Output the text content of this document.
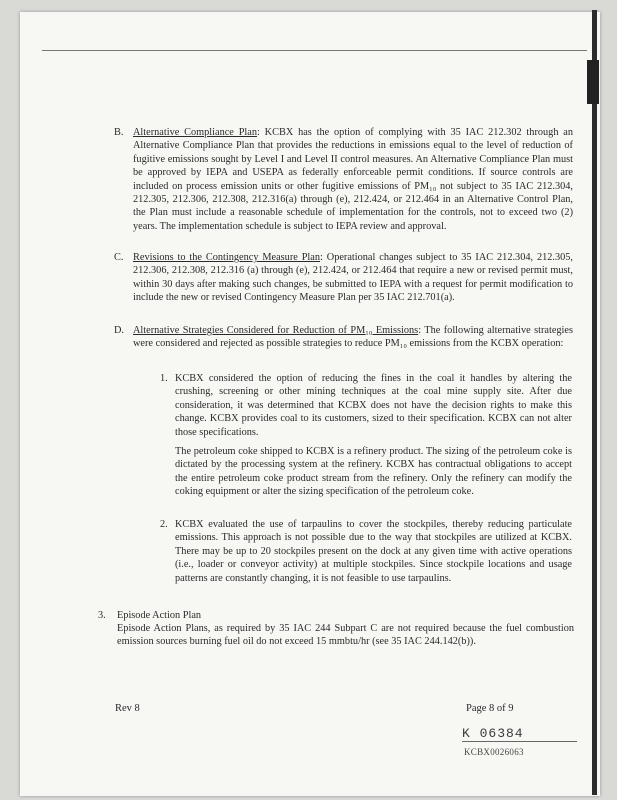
B. Alternative Compliance Plan: KCBX has the option of complying with 35 IAC 212.302 through an Alternative Compliance Plan that provides the reductions in emissions equal to the level of reduction of fugitive emissions sought by Level I and Level II control measures. An Alternative Compliance Plan must be approved by IEPA and USEPA as federally enforceable permit conditions. If source controls are included on process emission units or other fugitive emissions of PM₁₀ not subject to 35 IAC 212.304, 212.305, 212.306, 212.308, 212.316(a) through (e), 212.424, or 212.464 in an Alternative Control Plan, the Plan must include a reasonable schedule of implementation for the controls, not to exceed two (2) years. The implementation schedule is subject to IEPA review and approval.
C. Revisions to the Contingency Measure Plan: Operational changes subject to 35 IAC 212.304, 212.305, 212.306, 212.308, 212.316 (a) through (e), 212.424, or 212.464 that require a new or revised permit must, within 30 days after making such changes, be submitted to IEPA with a request for permit modification to include the new or revised Contingency Measure Plan per 35 IAC 212.701(a).
D. Alternative Strategies Considered for Reduction of PM₁₀ Emissions: The following alternative strategies were considered and rejected as possible strategies to reduce PM₁₀ emissions from the KCBX operation:
1. KCBX considered the option of reducing the fines in the coal it handles by altering the crushing, screening or other mining techniques at the coal mine supply site. After due consideration, it was determined that KCBX does not have the decision rights to make this change. KCBX provides coal to its customers, sized to their specification. KCBX can not alter those specifications.
The petroleum coke shipped to KCBX is a refinery product. The sizing of the petroleum coke is dictated by the processing system at the refinery. KCBX has contractual obligations to accept the entire petroleum coke product stream from the refinery. Only the refinery can modify the coking equipment or alter the sizing specification of the petroleum coke.
2. KCBX evaluated the use of tarpaulins to cover the stockpiles, thereby reducing particulate emissions. This approach is not possible due to the way that stockpiles are utilized at KCBX. There may be up to 20 stockpiles present on the dock at any given time with active operations (i.e., loader or conveyor activity) at multiple stockpiles. Since stockpile locations and usage patterns are constantly changing, it is not feasible to use tarpaulins.
3. Episode Action Plan
Episode Action Plans, as required by 35 IAC 244 Subpart C are not required because the fuel combustion emission sources burning fuel oil do not exceed 15 mmbtu/hr (see 35 IAC 244.142(b)).
Rev 8	Page 8 of 9
K 06384
KCBX0026063
